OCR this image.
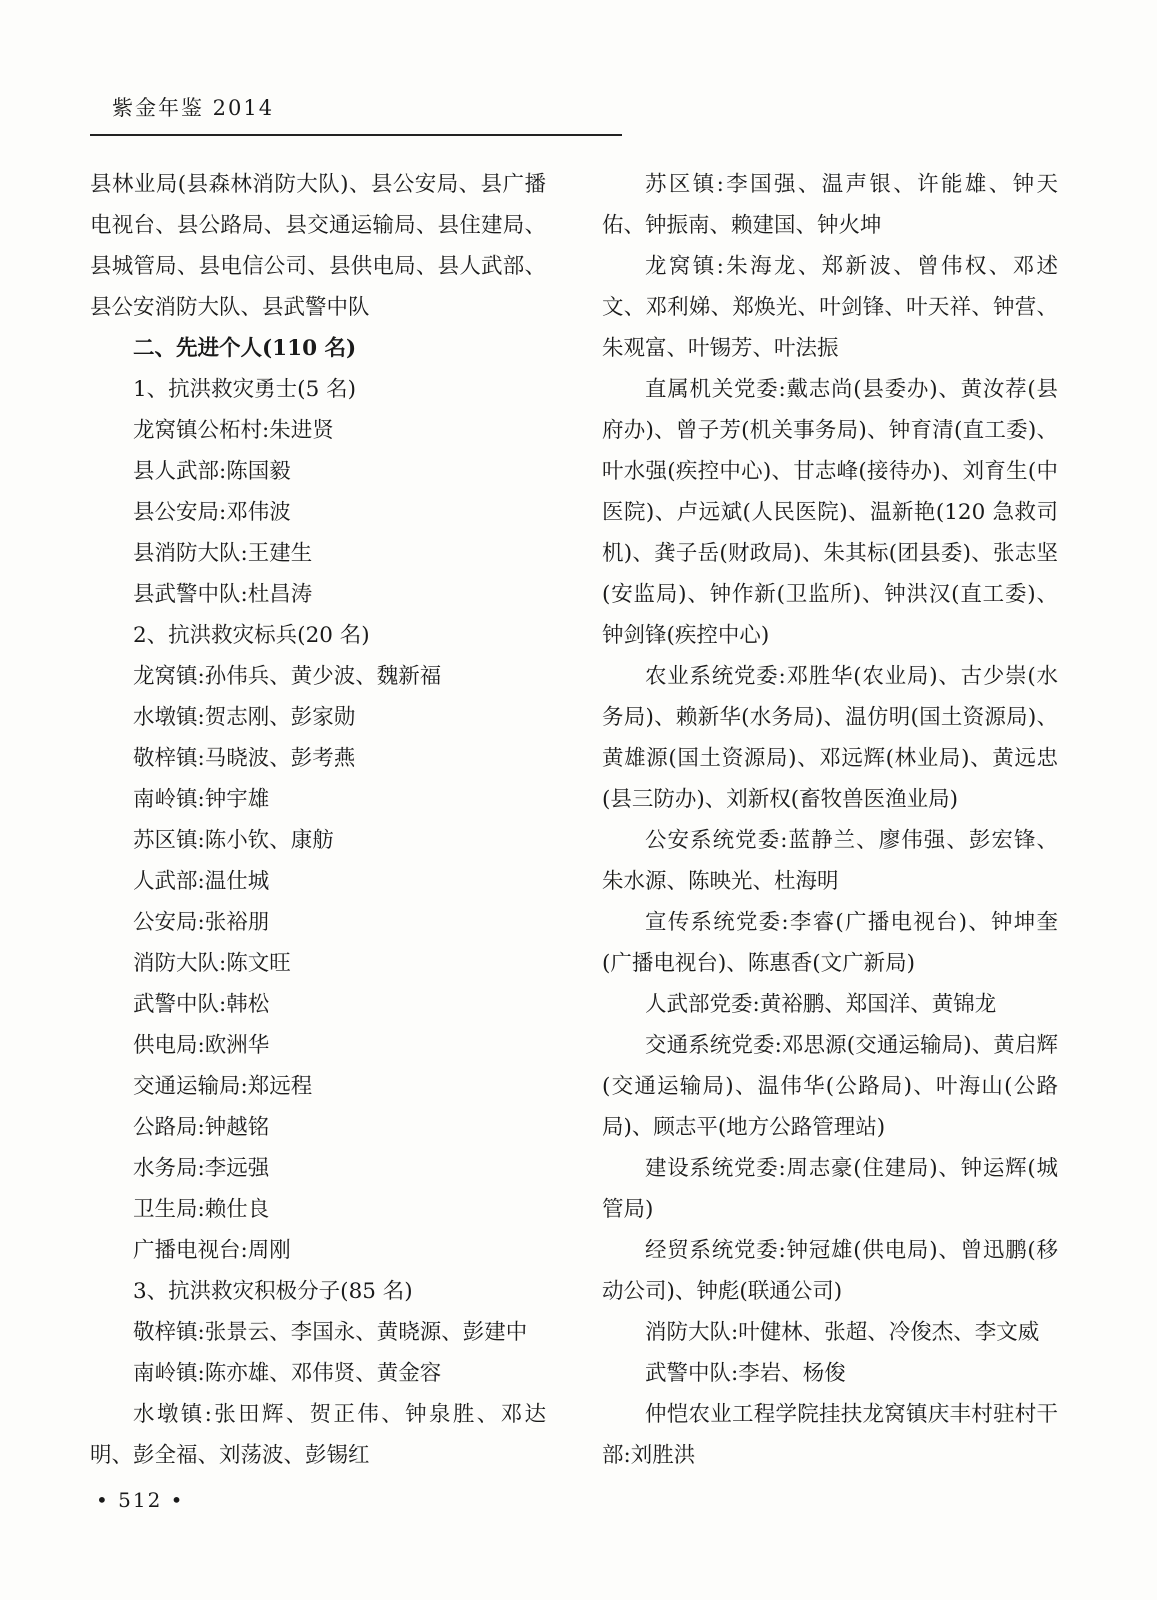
紫金年鉴 2014

县林业局(县森林消防大队)、县公安局、县广播电视台、县公路局、县交通运输局、县住建局、县城管局、县电信公司、县供电局、县人武部、县公安消防大队、县武警中队

二、先进个人(110 名)

1、抗洪救灾勇士(5 名)

龙窝镇公柘村:朱进贤

县人武部:陈国毅

县公安局:邓伟波

县消防大队:王建生

县武警中队:杜昌涛

2、抗洪救灾标兵(20 名)

龙窝镇:孙伟兵、黄少波、魏新福

水墩镇:贺志刚、彭家勋

敬梓镇:马晓波、彭考燕

南岭镇:钟宇雄

苏区镇:陈小钦、康舫

人武部:温仕城

公安局:张裕朋

消防大队:陈文旺

武警中队:韩松

供电局:欧洲华

交通运输局:郑远程

公路局:钟越铭

水务局:李远强

卫生局:赖仕良

广播电视台:周刚

3、抗洪救灾积极分子(85 名)

敬梓镇:张景云、李国永、黄晓源、彭建中

南岭镇:陈亦雄、邓伟贤、黄金容

水墩镇:张田辉、贺正伟、钟泉胜、邓达明、彭全福、刘荡波、彭锡红

苏区镇:李国强、温声银、许能雄、钟天佑、钟振南、赖建国、钟火坤

龙窝镇:朱海龙、郑新波、曾伟权、邓述文、邓利娣、郑焕光、叶剑锋、叶天祥、钟营、朱观富、叶锡芳、叶法振

直属机关党委:戴志尚(县委办)、黄汝荐(县府办)、曾子芳(机关事务局)、钟育清(直工委)、叶水强(疾控中心)、甘志峰(接待办)、刘育生(中医院)、卢远斌(人民医院)、温新艳(120 急救司机)、龚子岳(财政局)、朱其标(团县委)、张志坚(安监局)、钟作新(卫监所)、钟洪汉(直工委)、钟剑锋(疾控中心)

农业系统党委:邓胜华(农业局)、古少崇(水务局)、赖新华(水务局)、温仿明(国土资源局)、黄雄源(国土资源局)、邓远辉(林业局)、黄远忠(县三防办)、刘新权(畜牧兽医渔业局)

公安系统党委:蓝静兰、廖伟强、彭宏锋、朱水源、陈映光、杜海明

宣传系统党委:李睿(广播电视台)、钟坤奎(广播电视台)、陈惠香(文广新局)

人武部党委:黄裕鹏、郑国洋、黄锦龙

交通系统党委:邓思源(交通运输局)、黄启辉(交通运输局)、温伟华(公路局)、叶海山(公路局)、顾志平(地方公路管理站)

建设系统党委:周志豪(住建局)、钟运辉(城管局)

经贸系统党委:钟冠雄(供电局)、曾迅鹏(移动公司)、钟彪(联通公司)

消防大队:叶健林、张超、冷俊杰、李文威

武警中队:李岩、杨俊

仲恺农业工程学院挂扶龙窝镇庆丰村驻村干部:刘胜洪

• 512 •
